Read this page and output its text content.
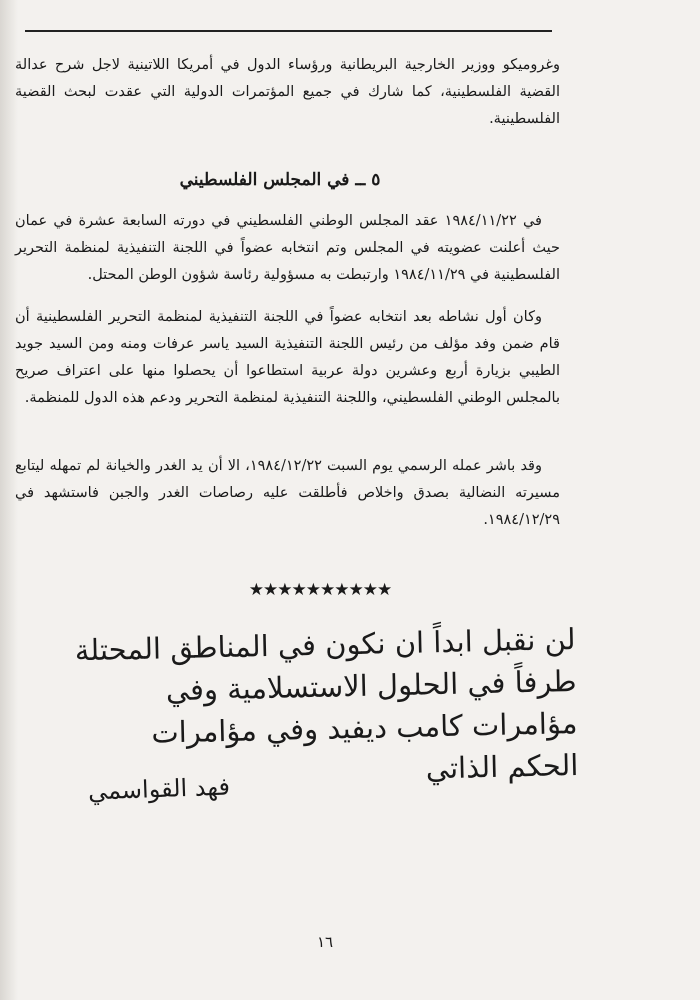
وغروميكو ووزير الخارجية البريطانية ورؤساء الدول في أمريكا اللاتينية لاجل شرح عدالة القضية الفلسطينية، كما شارك في جميع المؤتمرات الدولية التي عقدت لبحث القضية الفلسطينية.

٥ ــ في المجلس الفلسطيني

في ١٩٨٤/١١/٢٢ عقد المجلس الوطني الفلسطيني في دورته السابعة عشرة في عمان حيث أعلنت عضويته في المجلس وتم انتخابه عضواً في اللجنة التنفيذية لمنظمة التحرير الفلسطينية في ١٩٨٤/١١/٢٩ وارتبطت به مسؤولية رئاسة شؤون الوطن المحتل.

وكان أول نشاطه بعد انتخابه عضواً في اللجنة التنفيذية لمنظمة التحرير الفلسطينية أن قام ضمن وفد مؤلف من رئيس اللجنة التنفيذية السيد ياسر عرفات ومنه ومن السيد جويد الطيبي بزيارة أربع وعشرين دولة عربية استطاعوا أن يحصلوا منها على اعتراف صريح بالمجلس الوطني الفلسطيني، واللجنة التنفيذية لمنظمة التحرير ودعم هذه الدول للمنظمة.

وقد باشر عمله الرسمي يوم السبت ١٩٨٤/١٢/٢٢، الا أن يد الغدر والخيانة لم تمهله ليتابع مسيرته النضالية بصدق واخلاص فأطلقت عليه رصاصات الغدر والجبن فاستشهد في ١٩٨٤/١٢/٢٩.

★★★★★★★★★★
لن نقبل ابداً ان نكون في المناطق المحتلة
طرفاً في الحلول الاستسلامية وفي
مؤامرات كامب ديفيد وفي مؤامرات
الحكم الذاتي
فهد القواسمي
١٦
